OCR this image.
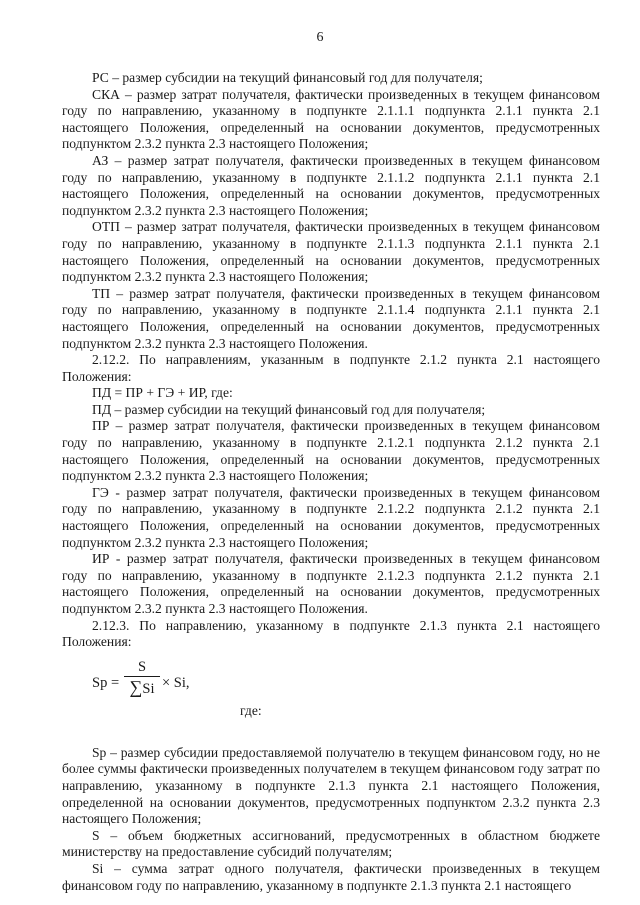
6

РС – размер субсидии на текущий финансовый год для получателя;

СКА – размер затрат получателя, фактически произведенных в текущем финансовом году по направлению, указанному в подпункте 2.1.1.1 подпункта 2.1.1 пункта 2.1 настоящего Положения, определенный на основании документов, предусмотренных подпунктом 2.3.2 пункта 2.3 настоящего Положения;

АЗ – размер затрат получателя, фактически произведенных в текущем финансовом году по направлению, указанному в подпункте 2.1.1.2 подпункта 2.1.1 пункта 2.1 настоящего Положения, определенный на основании документов, предусмотренных подпунктом 2.3.2 пункта 2.3 настоящего Положения;

ОТП – размер затрат получателя, фактически произведенных в текущем финансовом году по направлению, указанному в подпункте 2.1.1.3 подпункта 2.1.1 пункта 2.1 настоящего Положения, определенный на основании документов, предусмотренных подпунктом 2.3.2 пункта 2.3 настоящего Положения;

ТП – размер затрат получателя, фактически произведенных в текущем финансовом году по направлению, указанному в подпункте 2.1.1.4 подпункта 2.1.1 пункта 2.1 настоящего Положения, определенный на основании документов, предусмотренных подпунктом 2.3.2 пункта 2.3 настоящего Положения.

2.12.2. По направлениям, указанным в подпункте 2.1.2 пункта 2.1 настоящего Положения:

ПД = ПР + ГЭ + ИР, где:

ПД – размер субсидии на текущий финансовый год для получателя;

ПР – размер затрат получателя, фактически произведенных в текущем финансовом году по направлению, указанному в подпункте 2.1.2.1 подпункта 2.1.2 пункта 2.1 настоящего Положения, определенный на основании документов, предусмотренных подпунктом 2.3.2 пункта 2.3 настоящего Положения;

ГЭ - размер затрат получателя, фактически произведенных в текущем финансовом году по направлению, указанному в подпункте 2.1.2.2 подпункта 2.1.2 пункта 2.1 настоящего Положения, определенный на основании документов, предусмотренных подпунктом 2.3.2 пункта 2.3 настоящего Положения;

ИР - размер затрат получателя, фактически произведенных в текущем финансовом году по направлению, указанному в подпункте 2.1.2.3 подпункта 2.1.2 пункта 2.1 настоящего Положения, определенный на основании документов, предусмотренных подпунктом 2.3.2 пункта 2.3 настоящего Положения.

2.12.3. По направлению, указанному в подпункте 2.1.3 пункта 2.1 настоящего Положения:

Sp =
S
∑Si × Si,
где:

Sp – размер субсидии предоставляемой получателю в текущем финансовом году, но не более суммы фактически произведенных получателем в текущем финансовом году затрат по направлению, указанному в подпункте 2.1.3 пункта 2.1 настоящего Положения, определенной на основании документов, предусмотренных подпунктом 2.3.2 пункта 2.3 настоящего Положения;

S – объем бюджетных ассигнований, предусмотренных в областном бюджете министерству на предоставление субсидий получателям;

Si – сумма затрат одного получателя, фактически произведенных в текущем финансовом году по направлению, указанному в подпункте 2.1.3 пункта 2.1 настоящего
